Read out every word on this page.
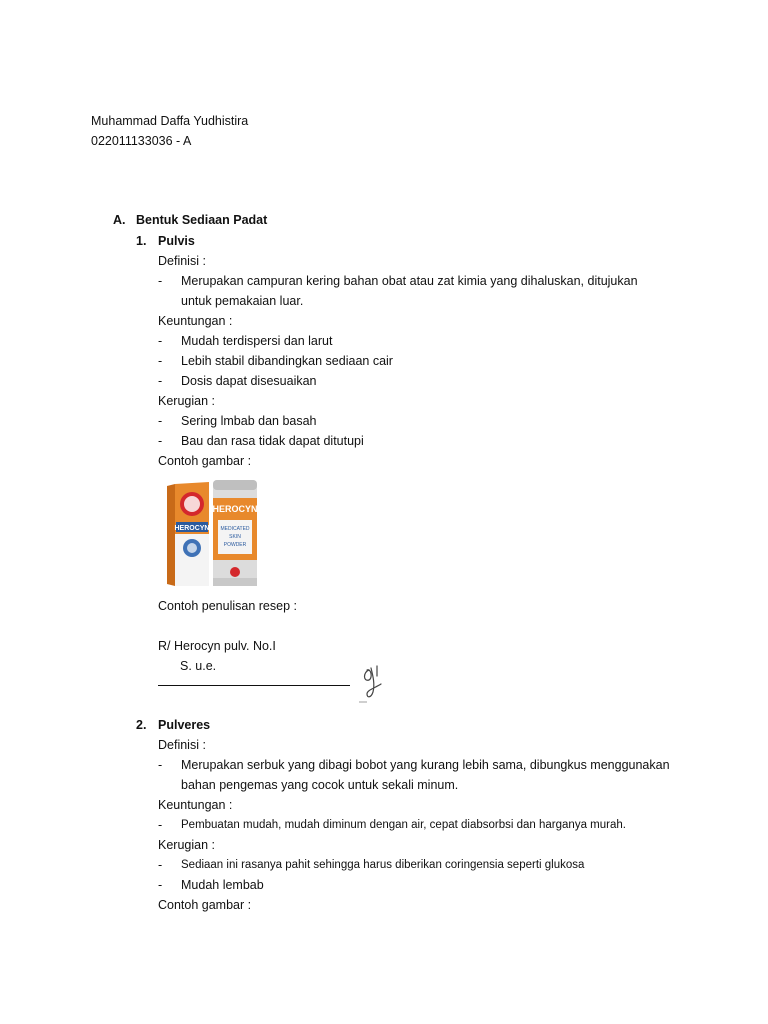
Muhammad Daffa Yudhistira
022011133036 - A
A. Bentuk Sediaan Padat
1. Pulvis
Definisi :
- Merupakan campuran kering bahan obat atau zat kimia yang dihaluskan, ditujukan
untuk pemakaian luar.
Keuntungan :
- Mudah terdispersi dan larut
- Lebih stabil dibandingkan sediaan cair
- Dosis dapat disesuaikan
Kerugian :
- Sering lmbab dan basah
- Bau dan rasa tidak dapat ditutupi
Contoh gambar :
HEROCYN
HEROCYN
MEDICATED
SKIN
POWDER
Contoh penulisan resep :
R/ Herocyn pulv. No.I
S. u.e.
2. Pulveres
Definisi :
- Merupakan serbuk yang dibagi bobot yang kurang lebih sama, dibungkus menggunakan
bahan pengemas yang cocok untuk sekali minum.
Keuntungan :
- Pembuatan mudah, mudah diminum dengan air, cepat diabsorbsi dan harganya murah.
Kerugian :
- Sediaan ini rasanya pahit sehingga harus diberikan coringensia seperti glukosa
- Mudah lembab
Contoh gambar :
